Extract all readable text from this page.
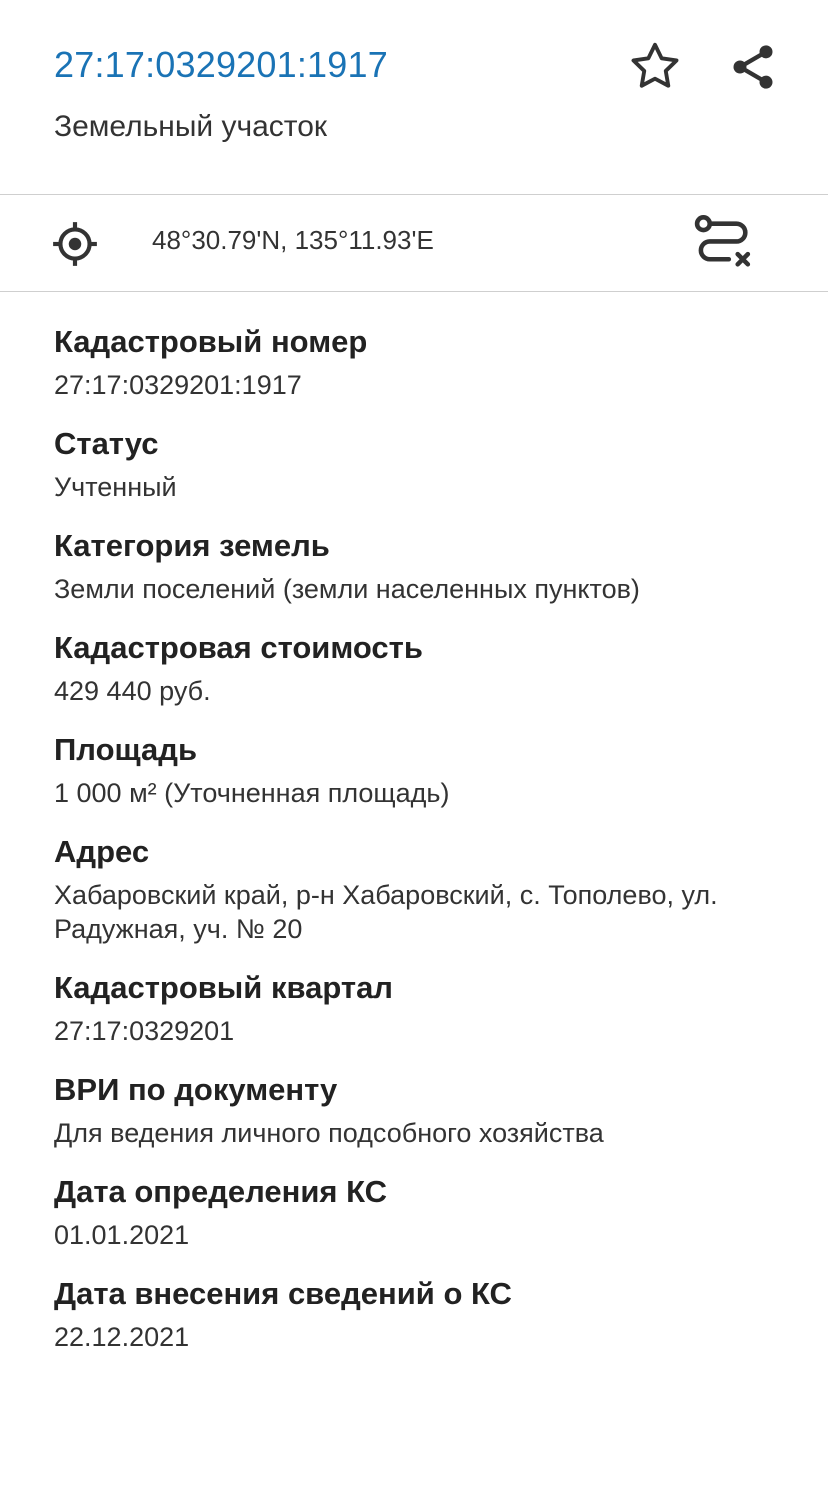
27:17:0329201:1917
Земельный участок
48°30.79'N, 135°11.93'E
Кадастровый номер
27:17:0329201:1917
Статус
Учтенный
Категория земель
Земли поселений (земли населенных пунктов)
Кадастровая стоимость
429 440 руб.
Площадь
1 000 м² (Уточненная площадь)
Адрес
Хабаровский край, р-н Хабаровский, с. Тополево, ул. Радужная, уч. № 20
Кадастровый квартал
27:17:0329201
ВРИ по документу
Для ведения личного подсобного хозяйства
Дата определения КС
01.01.2021
Дата внесения сведений о КС
22.12.2021
